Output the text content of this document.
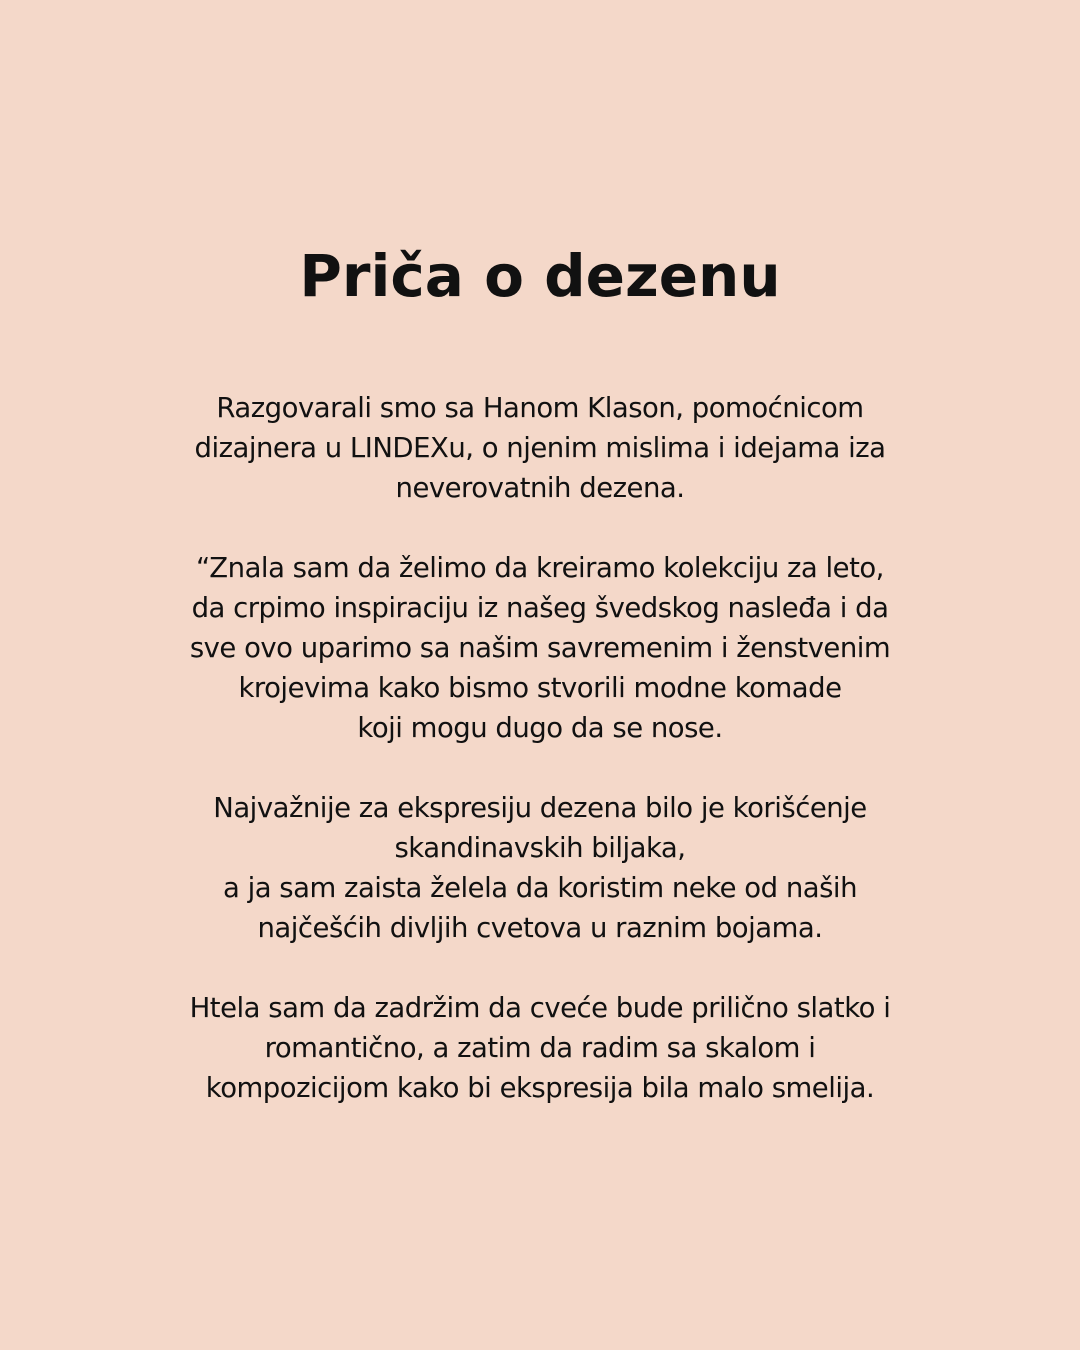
Priča o dezenu

Razgovarali smo sa Hanom Klason, pomoćnicom
dizajnera u LINDEXu, o njenim mislima i idejama iza
neverovatnih dezena.

“Znala sam da želimo da kreiramo kolekciju za leto,
da crpimo inspiraciju iz našeg švedskog nasleđa i da
sve ovo uparimo sa našim savremenim i ženstvenim
krojevima kako bismo stvorili modne komade
koji mogu dugo da se nose.

Najvažnije za ekspresiju dezena bilo je korišćenje
skandinavskih biljaka,
a ja sam zaista želela da koristim neke od naših
najčešćih divljih cvetova u raznim bojama.

Htela sam da zadržim da cveće bude prilično slatko i
romantično, a zatim da radim sa skalom i
kompozicijom kako bi ekspresija bila malo smelija.
